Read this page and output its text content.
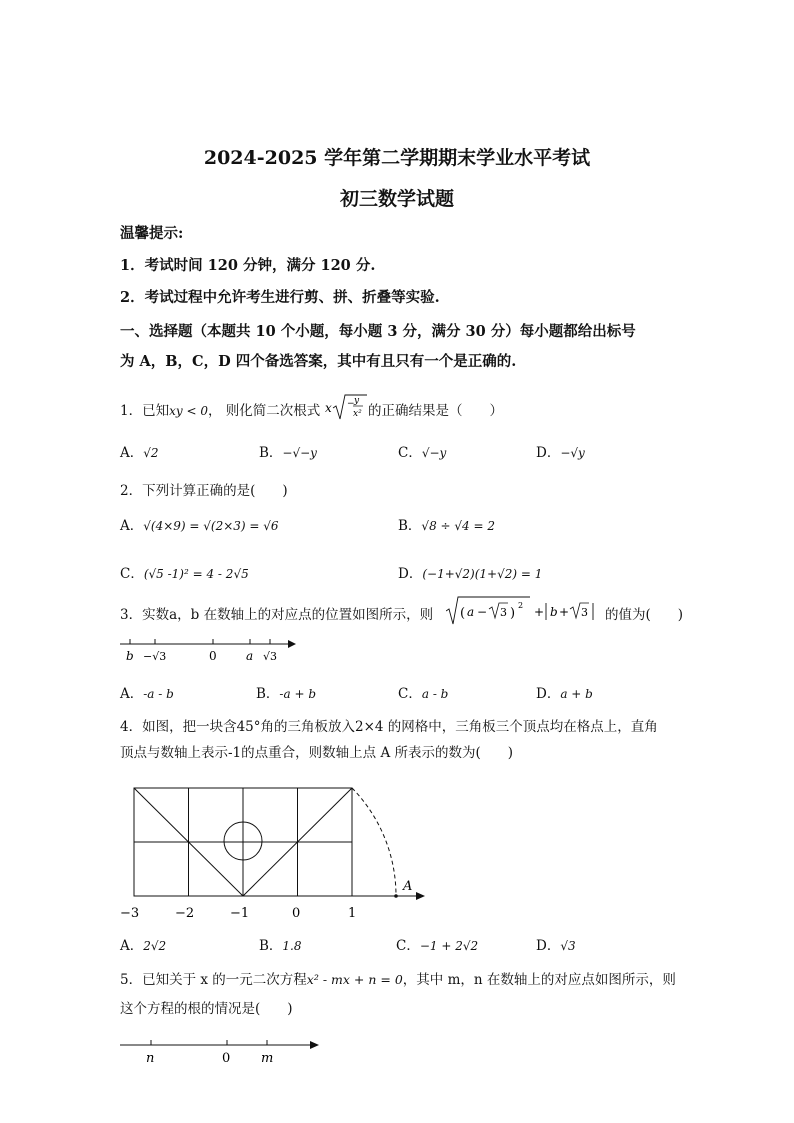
2024-2025 学年第二学期期末学业水平考试
初三数学试题
温馨提示:
1．考试时间 120 分钟，满分 120 分.
2．考试过程中允许考生进行剪、拼、折叠等实验.
一、选择题（本题共 10 个小题，每小题 3 分，满分 30 分）每小题都给出标号
为 A，B，C，D 四个备选答案，其中有且只有一个是正确的.
1．已知xy < 0， 则化简二次根式 x − y
x² 的正确结果是（　　）
A．√2	B．−√−y	C．√−y	D．−√y
2．下列计算正确的是(　　)
A．√(4×9) = √(2×3) = √6	B．√8 ÷ √4 = 2
C．(√5 -1)² = 4 - 2√5	D．(−1+√2)(1+√2) = 1
3．实数a，b 在数轴上的对应点的位置如图所示，则 ( a − 3 )
2 + b + 3 的值为(　　)
b −√3	0 a √3
A．-a - b	B．-a + b	C．a - b	D．a + b
4．如图，把一块含45°角的三角板放入2×4 的网格中，三角板三个顶点均在格点上，直角
顶点与数轴上表示-1的点重合，则数轴上点 A 所表示的数为(　　)
A
−3	−2	−1	0	1
A．2√2	B．1.8	C．−1 + 2√2	D．√3
5．已知关于 x 的一元二次方程x² - mx + n = 0，其中 m，n 在数轴上的对应点如图所示，则
这个方程的根的情况是(　　)
n	0 m
